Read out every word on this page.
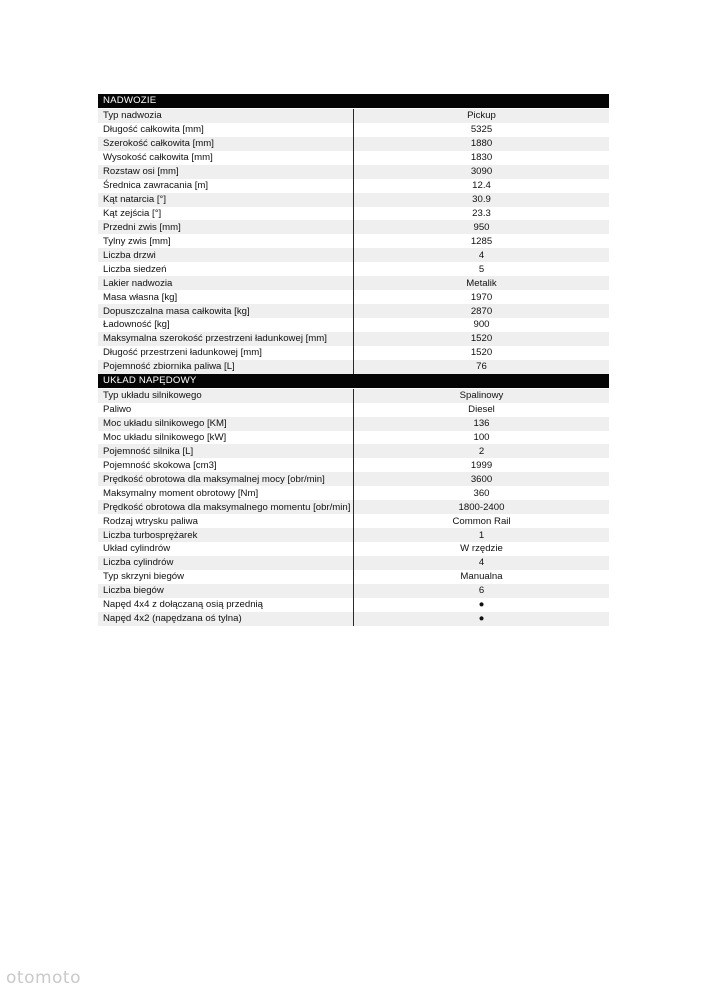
NADWOZIE	
Typ nadwozia	Pickup
Długość całkowita [mm]	5325
Szerokość całkowita [mm]	1880
Wysokość całkowita [mm]	1830
Rozstaw osi [mm]	3090
Średnica zawracania [m]	12.4
Kąt natarcia [°]	30.9
Kąt zejścia [°]	23.3
Przedni zwis [mm]	950
Tylny zwis [mm]	1285
Liczba drzwi	4
Liczba siedzeń	5
Lakier nadwozia	Metalik
Masa własna [kg]	1970
Dopuszczalna masa całkowita [kg]	2870
Ładowność [kg]	900
Maksymalna szerokość przestrzeni ładunkowej [mm]	1520
Długość przestrzeni ładunkowej [mm]	1520
Pojemność zbiornika paliwa [L]	76
UKŁAD NAPĘDOWY	
Typ układu silnikowego	Spalinowy
Paliwo	Diesel
Moc układu silnikowego [KM]	136
Moc układu silnikowego [kW]	100
Pojemność silnika [L]	2
Pojemność skokowa [cm3]	1999
Prędkość obrotowa dla maksymalnej mocy [obr/min]	3600
Maksymalny moment obrotowy [Nm]	360
Prędkość obrotowa dla maksymalnego momentu [obr/min]	1800-2400
Rodzaj wtrysku paliwa	Common Rail
Liczba turbosprężarek	1
Układ cylindrów	W rzędzie
Liczba cylindrów	4
Typ skrzyni biegów	Manualna
Liczba biegów	6
Napęd 4x4 z dołączaną osią przednią	●
Napęd 4x2 (napędzana oś tylna)	●
otomoto
